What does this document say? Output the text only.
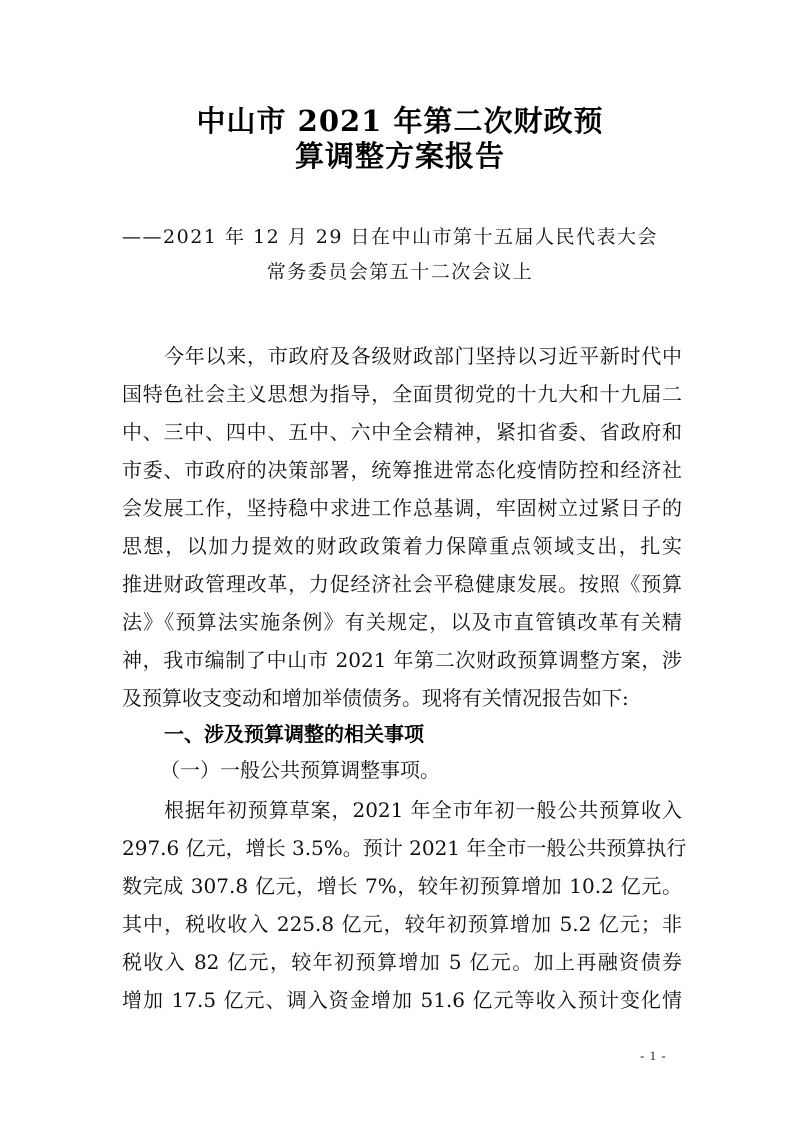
中山市 2021 年第二次财政预
算调整方案报告
——2021 年 12 月 29 日在中山市第十五届人民代表大会
常务委员会第五十二次会议上
今年以来，市政府及各级财政部门坚持以习近平新时代中
国特色社会主义思想为指导，全面贯彻党的十九大和十九届二
中、三中、四中、五中、六中全会精神，紧扣省委、省政府和
市委、市政府的决策部署，统筹推进常态化疫情防控和经济社
会发展工作，坚持稳中求进工作总基调，牢固树立过紧日子的
思想，以加力提效的财政政策着力保障重点领域支出，扎实
推进财政管理改革，力促经济社会平稳健康发展。按照《预算
法》《预算法实施条例》有关规定，以及市直管镇改革有关精
神，我市编制了中山市 2021 年第二次财政预算调整方案，涉
及预算收支变动和增加举债债务。现将有关情况报告如下:
一、涉及预算调整的相关事项
（一）一般公共预算调整事项。
根据年初预算草案，2021 年全市年初一般公共预算收入
297.6 亿元，增长 3.5%。预计 2021 年全市一般公共预算执行
数完成 307.8 亿元，增长 7%，较年初预算增加 10.2 亿元。
其中，税收收入 225.8 亿元，较年初预算增加 5.2 亿元；非
税收入 82 亿元，较年初预算增加 5 亿元。加上再融资债券
增加 17.5 亿元、调入资金增加 51.6 亿元等收入预计变化情
- 1 -
